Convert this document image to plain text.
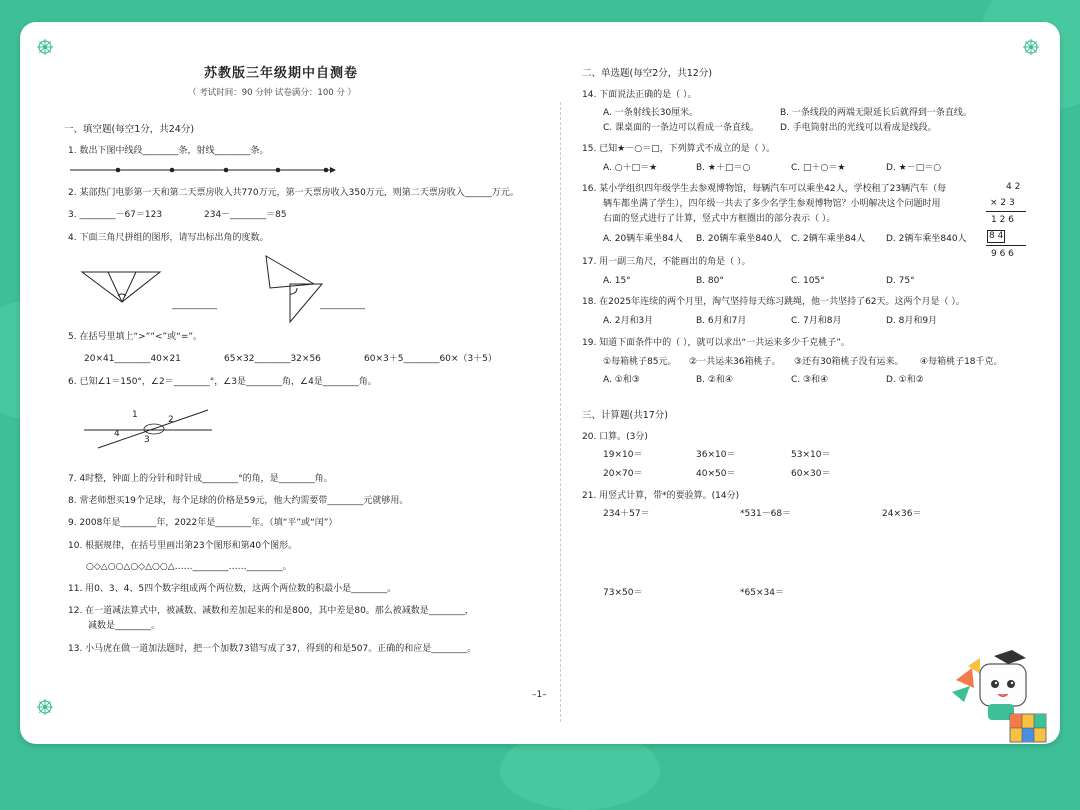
苏教版三年级期中自测卷
（ 考试时间：90 分钟 试卷满分：100 分 ）
一、填空题(每空1分，共24分)
1. 数出下图中线段________条，射线________条。
2. 某部热门电影第一天和第二天票房收入共770万元，第一天票房收入350万元，则第二天票房收入______万元。
3. ________－67＝123	234－________＝85
4. 下面三角尺拼组的图形，请写出标出角的度数。
__________	__________
5. 在括号里填上“>”“<”或“=”。
20×41________40×21	65×32________32×56	60×3＋5________60×（3＋5）
6. 已知∠1＝150°，∠2＝________°，∠3是________角，∠4是________角。
1	2
3
4
7. 4时整，钟面上的分针和时针成________°的角，是________角。
8. 常老师想买19个足球，每个足球的价格是59元，他大约需要带________元就够用。
9. 2008年是________年，2022年是________年。（填“平”或“闰”）
10. 根据规律，在括号里画出第23个图形和第40个图形。
○◇△○○△○◇△○○△……________……________。
11. 用0、3、4、5四个数字组成两个两位数，这两个两位数的积最小是________。
12. 在一道减法算式中，被减数、减数和差加起来的和是800，其中差是80。那么被减数是________，
减数是________。
13. 小马虎在做一道加法题时，把一个加数73错写成了37，得到的和是507。正确的和应是________。
二、单选题(每空2分，共12分)
14. 下面说法正确的是（ ）。
A. 一条射线长30厘米。	B. 一条线段的两端无限延长后就得到一条直线。
C. 课桌面的一条边可以看成一条直线。 D. 手电筒射出的光线可以看成是线段。
15. 已知★－○＝□，下列算式不成立的是（ ）。
A. ○＋□＝★	B. ★＋□＝○	C. □＋○＝★	D. ★－□＝○
16. 某小学组织四年级学生去参观博物馆，每辆汽车可以乘坐42人，学校租了23辆汽车（每
辆车都坐满了学生），四年级一共去了多少名学生参观博物馆？小明解决这个问题时用
右面的竖式进行了计算，竖式中方框圈出的部分表示（ ）。
A. 20辆车乘坐84人 B. 20辆车乘坐840人 C. 2辆车乘坐84人 D. 2辆车乘坐840人
4 2
× 2 3
1 2 6
8 4
9 6 6
17. 用一副三角尺，不能画出的角是（ ）。
A. 15°	B. 80°	C. 105°	D. 75°
18. 在2025年连续的两个月里，淘气坚持每天练习跳绳，他一共坚持了62天。这两个月是（ ）。
A. 2月和3月	B. 6月和7月	C. 7月和8月	D. 8月和9月
19. 知道下面条件中的（ ），就可以求出“一共运来多少千克桃子”。
①每箱桃子85元。 ②一共运来36箱桃子。 ③还有30箱桃子没有运来。 ④每箱桃子18千克。
A. ①和③	B. ②和④	C. ③和④	D. ①和②
三、计算题(共17分)
20. 口算。(3分)
19×10＝	36×10＝	53×10＝
20×70＝	40×50＝	60×30＝
21. 用竖式计算，带*的要验算。(14分)
234＋57＝	*531－68＝	24×36＝
73×50＝	*65×34＝
–1–
